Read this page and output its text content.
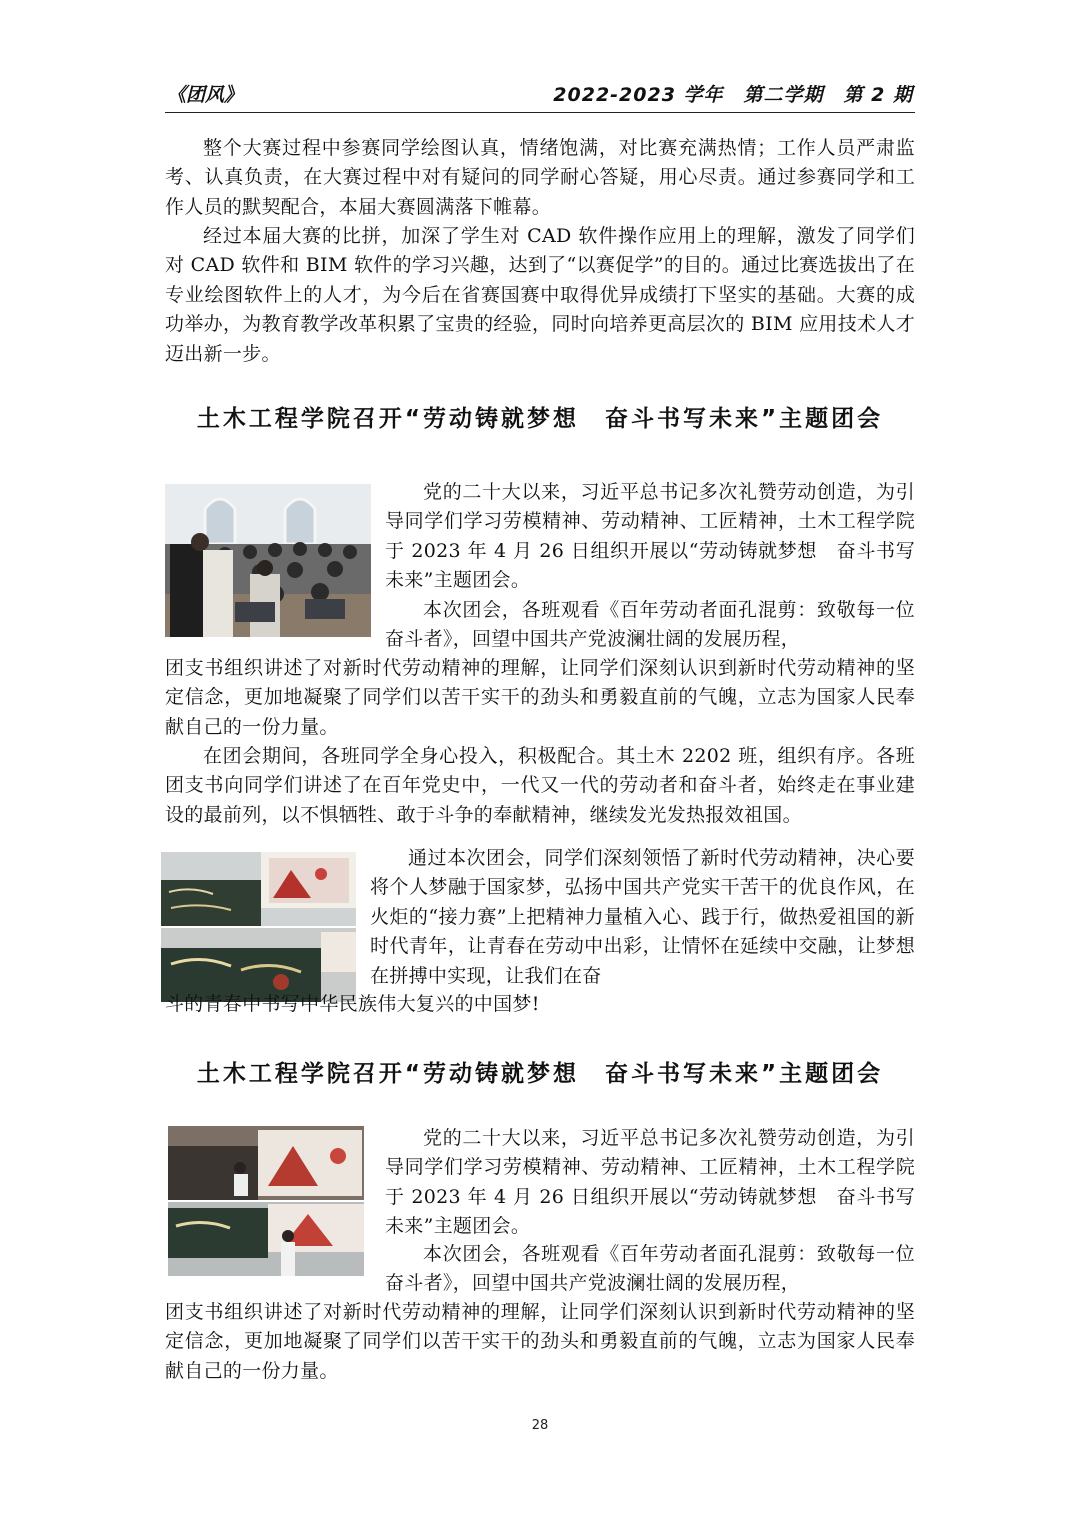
《团风》	2022-2023 学年　第二学期　第 2 期

整个大赛过程中参赛同学绘图认真，情绪饱满，对比赛充满热情；工作人员严肃监考、认真负责，在大赛过程中对有疑问的同学耐心答疑，用心尽责。通过参赛同学和工作人员的默契配合，本届大赛圆满落下帷幕。

经过本届大赛的比拼，加深了学生对 CAD 软件操作应用上的理解，激发了同学们对 CAD 软件和 BIM 软件的学习兴趣，达到了“以赛促学”的目的。通过比赛选拔出了在专业绘图软件上的人才，为今后在省赛国赛中取得优异成绩打下坚实的基础。大赛的成功举办，为教育教学改革积累了宝贵的经验，同时向培养更高层次的 BIM 应用技术人才迈出新一步。

土木工程学院召开“劳动铸就梦想　奋斗书写未来”主题团会

党的二十大以来，习近平总书记多次礼赞劳动创造，为引导同学们学习劳模精神、劳动精神、工匠精神，土木工程学院于 2023 年 4 月 26 日组织开展以“劳动铸就梦想　奋斗书写未来”主题团会。

本次团会，各班观看《百年劳动者面孔混剪：致敬每一位奋斗者》，回望中国共产党波澜壮阔的发展历程，

团支书组织讲述了对新时代劳动精神的理解，让同学们深刻认识到新时代劳动精神的坚定信念，更加地凝聚了同学们以苦干实干的劲头和勇毅直前的气魄，立志为国家人民奉献自己的一份力量。

在团会期间，各班同学全身心投入，积极配合。其土木 2202 班，组织有序。各班团支书向同学们讲述了在百年党史中，一代又一代的劳动者和奋斗者，始终走在事业建设的最前列，以不惧牺牲、敢于斗争的奉献精神，继续发光发热报效祖国。

通过本次团会，同学们深刻领悟了新时代劳动精神，决心要将个人梦融于国家梦，弘扬中国共产党实干苦干的优良作风，在火炬的“接力赛”上把精神力量植入心、践于行，做热爱祖国的新时代青年，让青春在劳动中出彩，让情怀在延续中交融，让梦想在拼搏中实现，让我们在奋

斗的青春中书写中华民族伟大复兴的中国梦!

土木工程学院召开“劳动铸就梦想　奋斗书写未来”主题团会

党的二十大以来，习近平总书记多次礼赞劳动创造，为引导同学们学习劳模精神、劳动精神、工匠精神，土木工程学院于 2023 年 4 月 26 日组织开展以“劳动铸就梦想　奋斗书写未来”主题团会。

本次团会，各班观看《百年劳动者面孔混剪：致敬每一位奋斗者》，回望中国共产党波澜壮阔的发展历程，

团支书组织讲述了对新时代劳动精神的理解，让同学们深刻认识到新时代劳动精神的坚定信念，更加地凝聚了同学们以苦干实干的劲头和勇毅直前的气魄，立志为国家人民奉献自己的一份力量。

28
